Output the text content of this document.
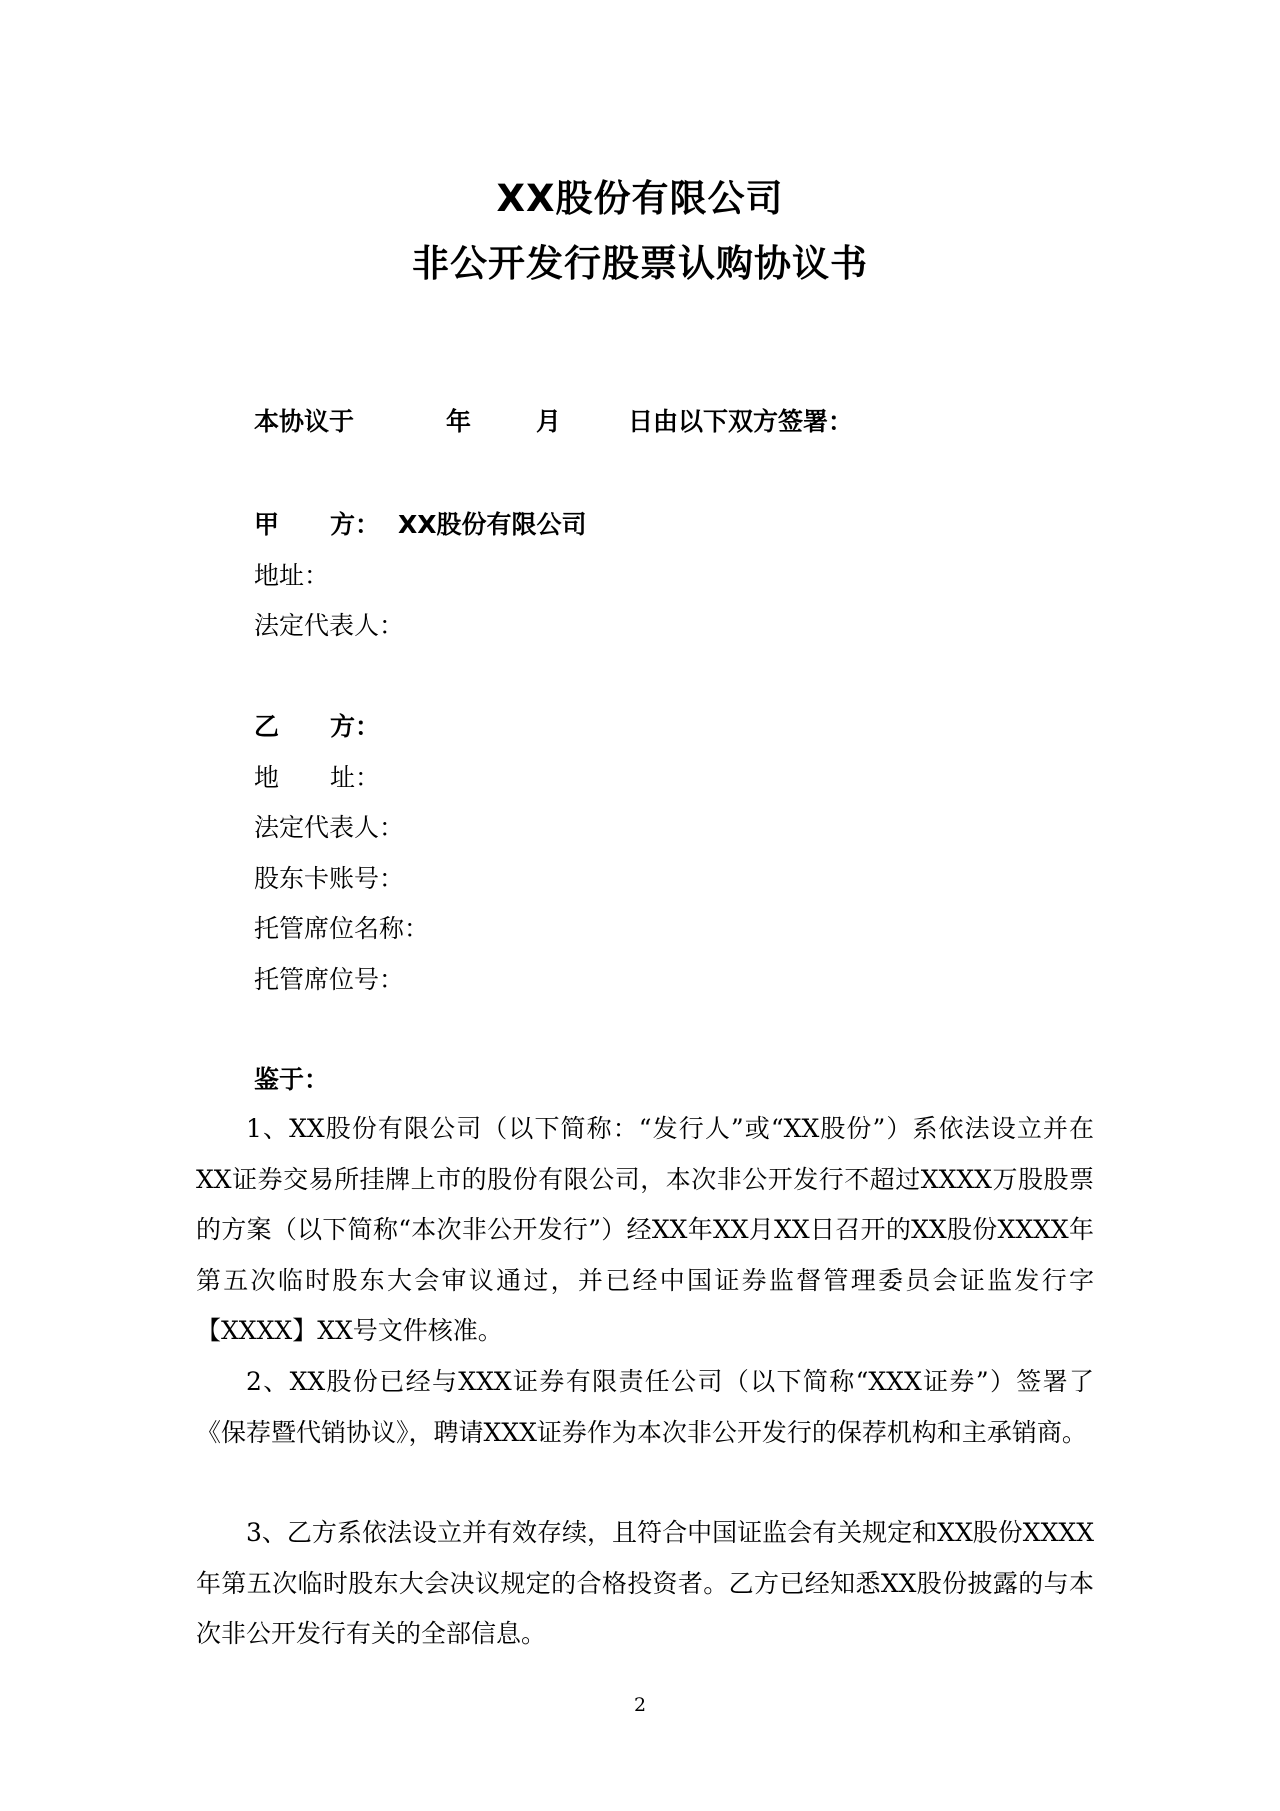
XX股份有限公司
非公开发行股票认购协议书
本协议于	年	月	日由以下双方签署：
甲 方： XX股份有限公司
地址：
法定代表人：
乙 方：
地 址：
法定代表人：
股东卡账号：
托管席位名称：
托管席位号：
鉴于：

1、XX股份有限公司（以下简称：“发行人”或“XX股份”）系依法设立并在XX证券交易所挂牌上市的股份有限公司，本次非公开发行不超过XXXX万股股票的方案（以下简称“本次非公开发行”）经XX年XX月XX日召开的XX股份XXXX年第五次临时股东大会审议通过，并已经中国证券监督管理委员会证监发行字【XXXX】XX号文件核准。

2、XX股份已经与XXX证券有限责任公司（以下简称“XXX证券”）签署了《保荐暨代销协议》，聘请XXX证券作为本次非公开发行的保荐机构和主承销商。

3、乙方系依法设立并有效存续，且符合中国证监会有关规定和XX股份XXXX年第五次临时股东大会决议规定的合格投资者。乙方已经知悉XX股份披露的与本次非公开发行有关的全部信息。

2
